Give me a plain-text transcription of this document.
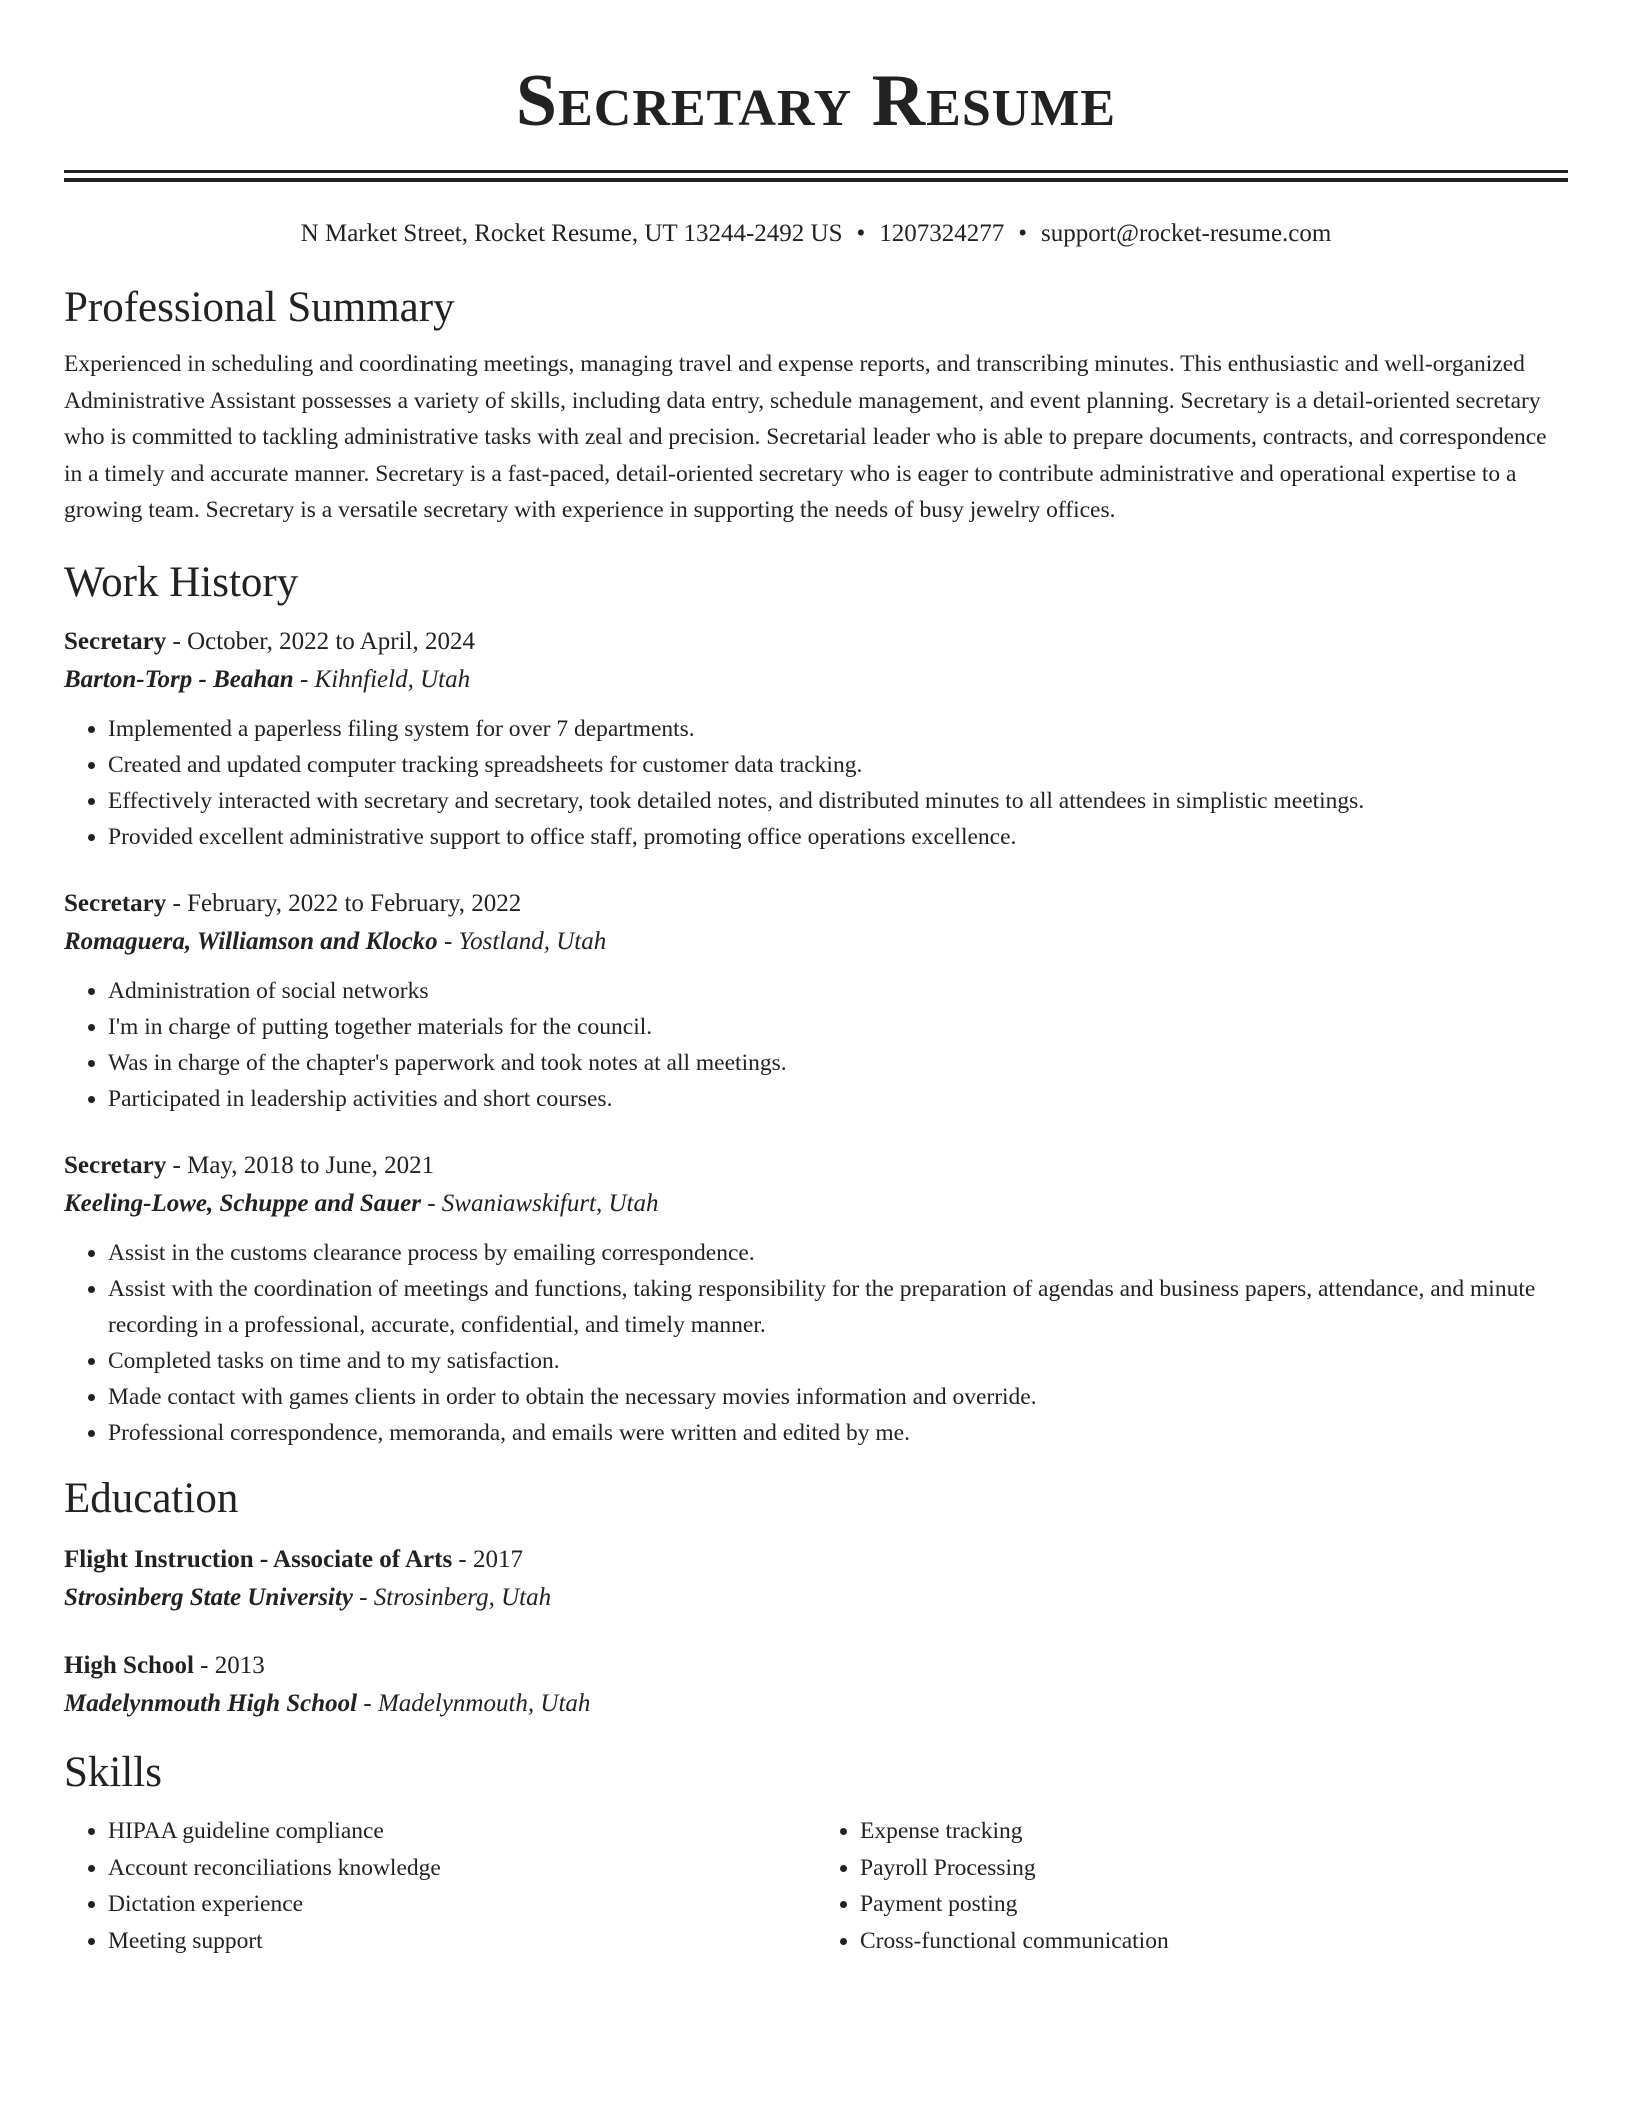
Secretary Resume
N Market Street, Rocket Resume, UT 13244-2492 US • 1207324277 • support@rocket-resume.com
Professional Summary
Experienced in scheduling and coordinating meetings, managing travel and expense reports, and transcribing minutes. This enthusiastic and well-organized Administrative Assistant possesses a variety of skills, including data entry, schedule management, and event planning. Secretary is a detail-oriented secretary who is committed to tackling administrative tasks with zeal and precision. Secretarial leader who is able to prepare documents, contracts, and correspondence in a timely and accurate manner. Secretary is a fast-paced, detail-oriented secretary who is eager to contribute administrative and operational expertise to a growing team. Secretary is a versatile secretary with experience in supporting the needs of busy jewelry offices.
Work History
Secretary - October, 2022 to April, 2024
Barton-Torp - Beahan - Kihnfield, Utah
• Implemented a paperless filing system for over 7 departments.
• Created and updated computer tracking spreadsheets for customer data tracking.
• Effectively interacted with secretary and secretary, took detailed notes, and distributed minutes to all attendees in simplistic meetings.
• Provided excellent administrative support to office staff, promoting office operations excellence.
Secretary - February, 2022 to February, 2022
Romaguera, Williamson and Klocko - Yostland, Utah
• Administration of social networks
• I'm in charge of putting together materials for the council.
• Was in charge of the chapter's paperwork and took notes at all meetings.
• Participated in leadership activities and short courses.
Secretary - May, 2018 to June, 2021
Keeling-Lowe, Schuppe and Sauer - Swaniawskifurt, Utah
• Assist in the customs clearance process by emailing correspondence.
• Assist with the coordination of meetings and functions, taking responsibility for the preparation of agendas and business papers, attendance, and minute recording in a professional, accurate, confidential, and timely manner.
• Completed tasks on time and to my satisfaction.
• Made contact with games clients in order to obtain the necessary movies information and override.
• Professional correspondence, memoranda, and emails were written and edited by me.
Education
Flight Instruction - Associate of Arts - 2017
Strosinberg State University - Strosinberg, Utah
High School - 2013
Madelynmouth High School - Madelynmouth, Utah
Skills
• HIPAA guideline compliance
• Account reconciliations knowledge
• Dictation experience
• Meeting support
• Expense tracking
• Payroll Processing
• Payment posting
• Cross-functional communication
